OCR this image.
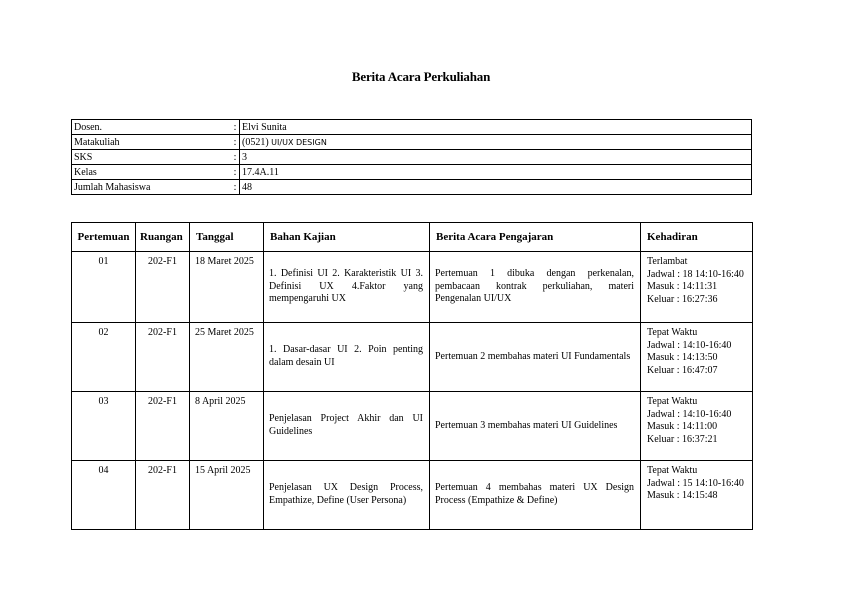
Berita Acara Perkuliahan
Dosen.	:	Elvi Sunita
Matakuliah	:	(0521) UI/UX DESIGN
SKS	:	3
Kelas	:	17.4A.11
Jumlah Mahasiswa	:	48
Pertemuan	Ruangan	Tanggal	Bahan Kajian	Berita Acara Pengajaran	Kehadiran
01	202-F1	18 Maret 2025	1. Definisi UI 2. Karakteristik UI 3. Definisi UX 4.Faktor yang mempengaruhi UX	Pertemuan 1 dibuka dengan perkenalan, pembacaan kontrak perkuliahan, materi Pengenalan UI/UX	Terlambat
Jadwal : 18 14:10-16:40
Masuk : 14:11:31
Keluar : 16:27:36

02	202-F1	25 Maret 2025	1. Dasar-dasar UI 2. Poin penting dalam desain UI	Pertemuan 2 membahas materi UI Fundamentals	Tepat Waktu
Jadwal : 14:10-16:40
Masuk : 14:13:50
Keluar : 16:47:07

03	202-F1	8 April 2025	Penjelasan Project Akhir dan UI Guidelines	Pertemuan 3 membahas materi UI Guidelines	Tepat Waktu
Jadwal : 14:10-16:40
Masuk : 14:11:00
Keluar : 16:37:21

04	202-F1	15 April 2025	Penjelasan UX Design Process, Empathize, Define (User Persona)	Pertemuan 4 membahas materi UX Design Process (Empathize & Define)	Tepat Waktu
Jadwal : 15 14:10-16:40
Masuk : 14:15:48
